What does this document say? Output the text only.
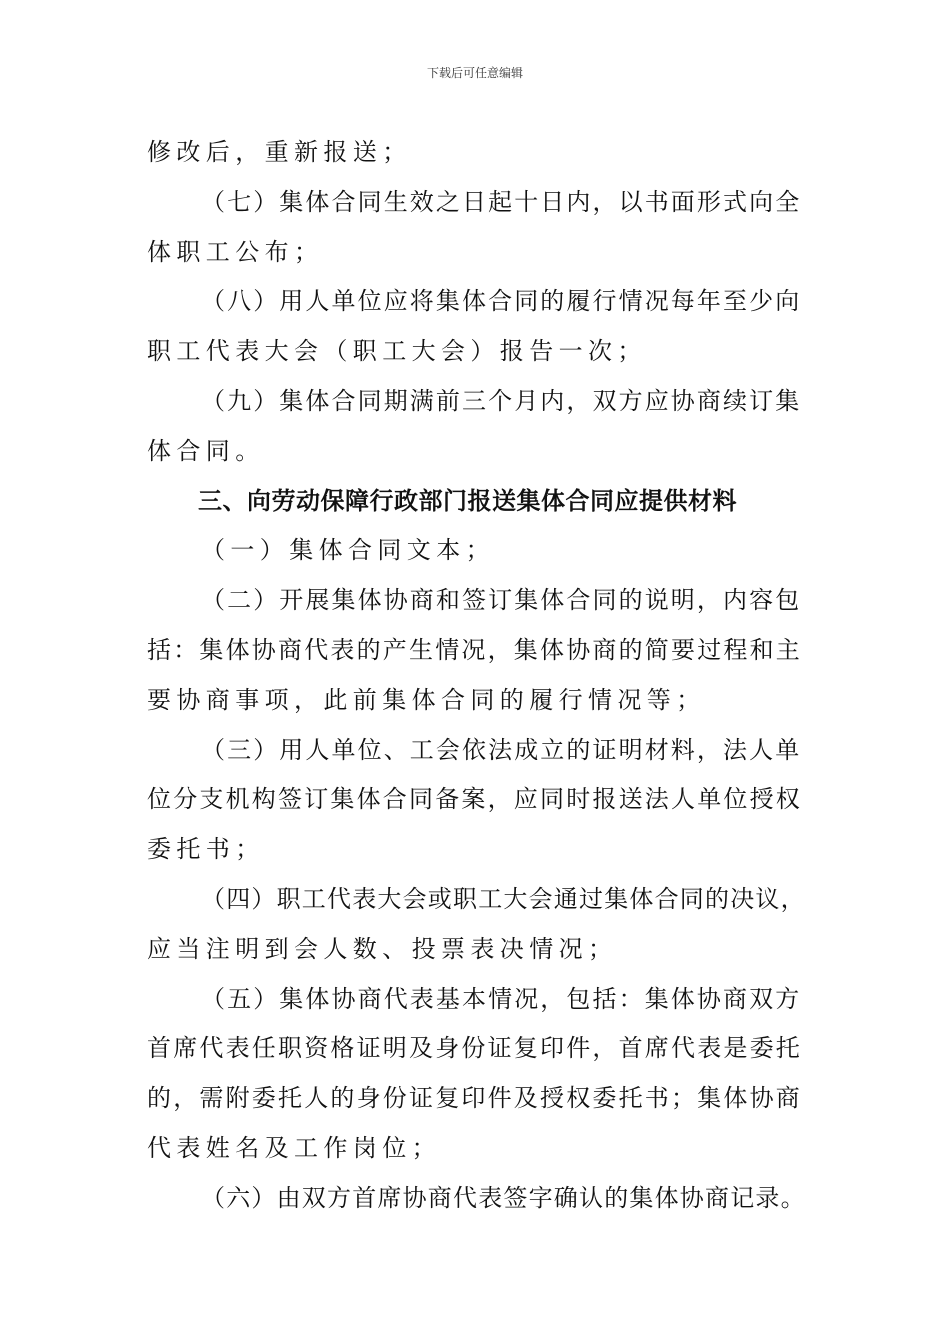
下载后可任意编辑
修改后，重新报送；
（七）集体合同生效之日起十日内，以书面形式向全
体职工公布；
（八）用人单位应将集体合同的履行情况每年至少向
职工代表大会（职工大会）报告一次；
（九）集体合同期满前三个月内，双方应协商续订集
体合同。
三、向劳动保障行政部门报送集体合同应提供材料
（一）集体合同文本；
（二）开展集体协商和签订集体合同的说明，内容包
括：集体协商代表的产生情况，集体协商的简要过程和主
要协商事项，此前集体合同的履行情况等；
（三）用人单位、工会依法成立的证明材料，法人单
位分支机构签订集体合同备案，应同时报送法人单位授权
委托书；
（四）职工代表大会或职工大会通过集体合同的决议，
应当注明到会人数、投票表决情况；
（五）集体协商代表基本情况，包括：集体协商双方
首席代表任职资格证明及身份证复印件，首席代表是委托
的，需附委托人的身份证复印件及授权委托书；集体协商
代表姓名及工作岗位；
（六）由双方首席协商代表签字确认的集体协商记录。
